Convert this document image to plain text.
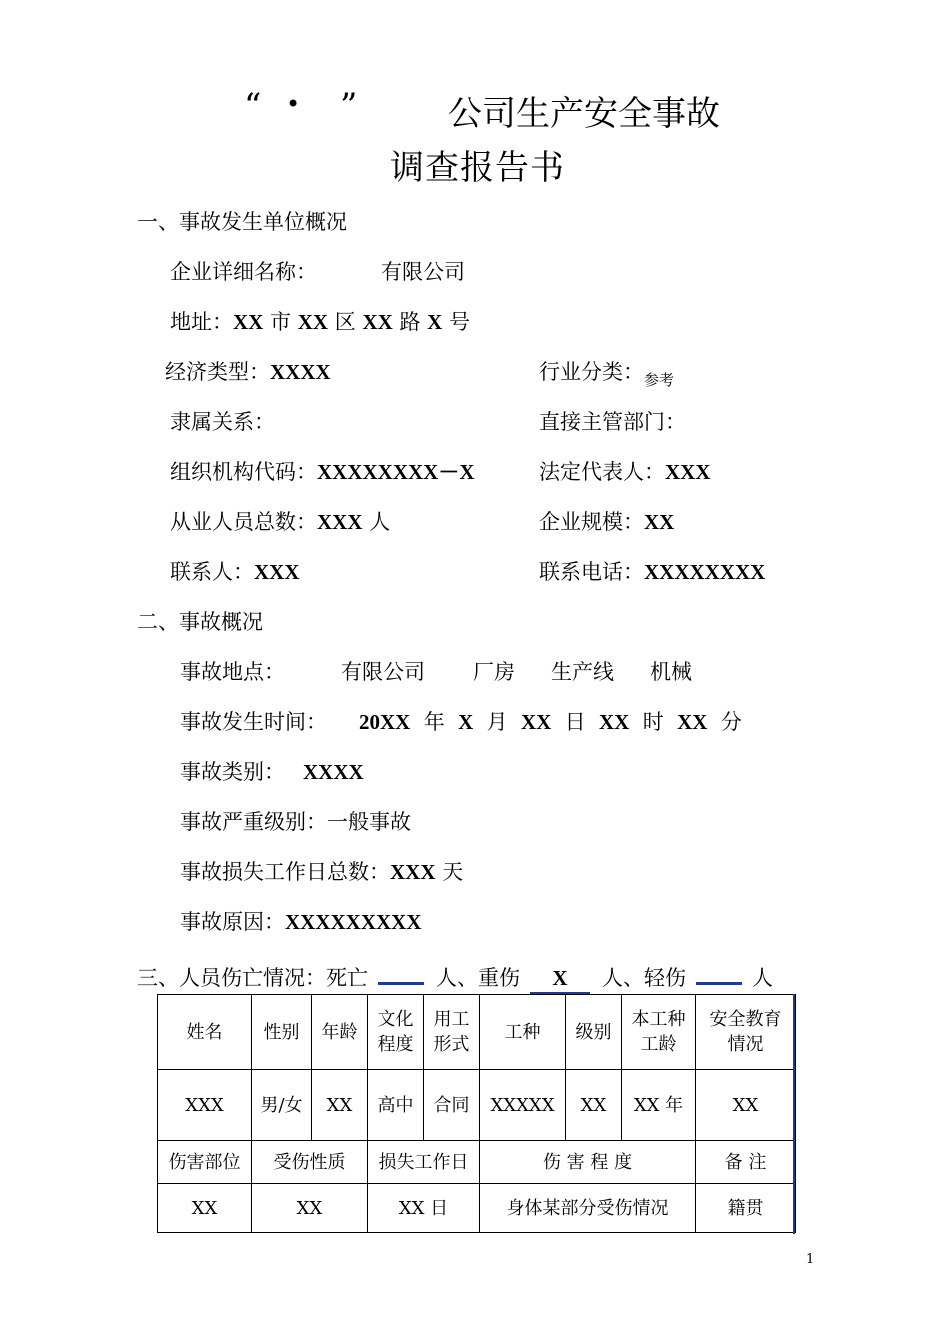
“ • ”	公司生产安全事故
调查报告书
一、事故发生单位概况
企业详细名称：	有限公司
地址：XX 市 XX 区 XX 路 X 号
经济类型：XXXX	行业分类：$_{参考}$
隶属关系：	直接主管部门：
组织机构代码：XXXXXXXX－X	法定代表人：XXX
从业人员总数：XXX 人	企业规模：XX
联系人：XXX	联系电话：XXXXXXXX
二、事故概况
事故地点：	有限公司 厂房 生产线 机械
事故发生时间： 20XX 年 X 月 XX 日 XX 时 XX 分
事故类别： XXXX
事故严重级别：一般事故
事故损失工作日总数：XXX 天
事故原因：XXXXXXXXX
三、人员伤亡情况：死亡	人、重伤 X 人、轻伤	人
姓名	性别	年龄	文化程度	用工形式	工种	级别	本工种工龄	安全教育情况
XXX	男/女	XX	高中	合同	XXXXX	XX	XX 年	XX
伤害部位	受伤性质		损失工作日		伤 害 程 度			备 注
XX	XX		XX 日		身体某部分受伤情况			籍贯
1
